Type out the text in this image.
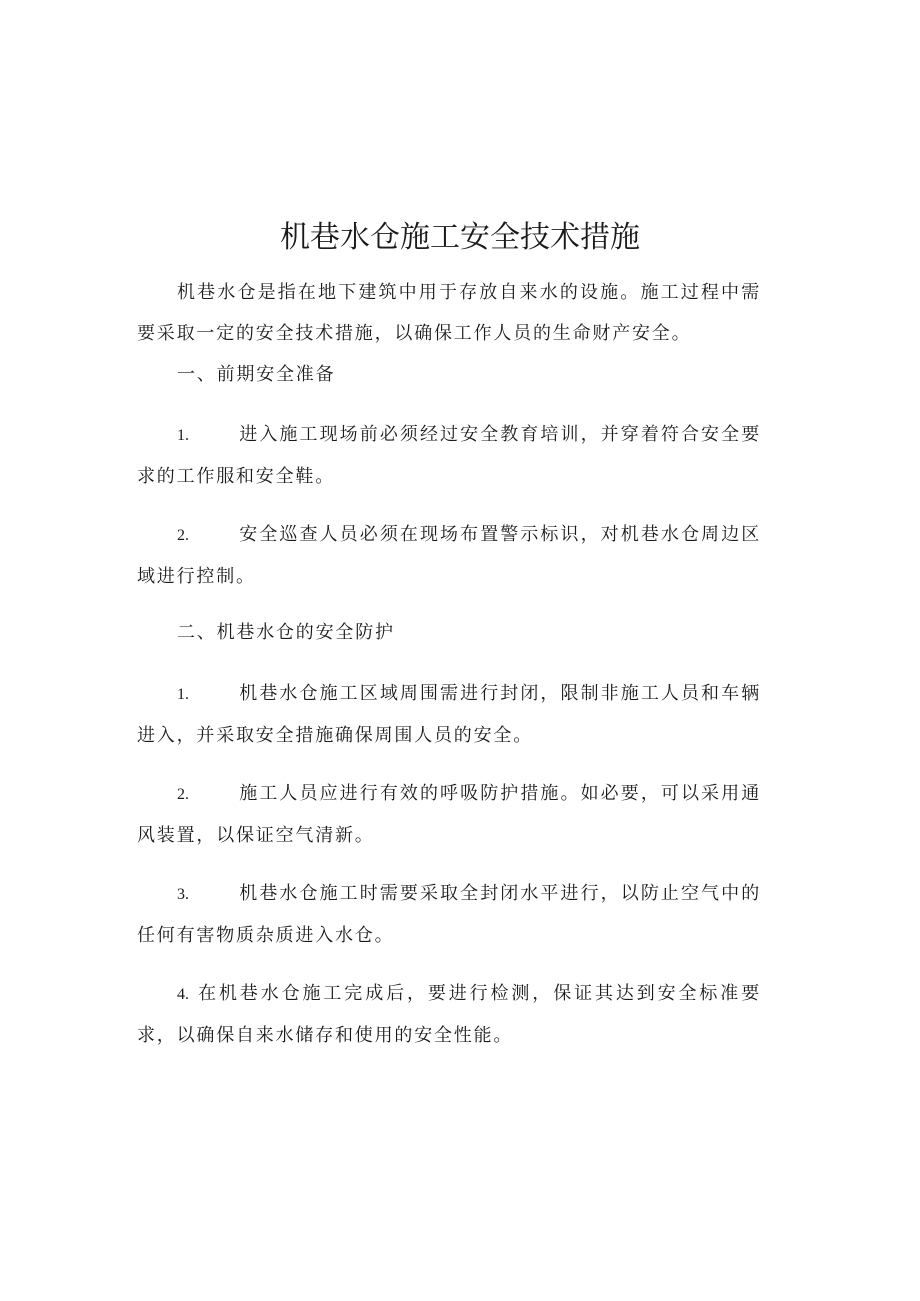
机巷水仓施工安全技术措施

机巷水仓是指在地下建筑中用于存放自来水的设施。施工过程中需要采取一定的安全技术措施，以确保工作人员的生命财产安全。

一、前期安全准备

1.	进入施工现场前必须经过安全教育培训，并穿着符合安全要求的工作服和安全鞋。

2.	安全巡查人员必须在现场布置警示标识，对机巷水仓周边区域进行控制。

二、机巷水仓的安全防护

1.	机巷水仓施工区域周围需进行封闭，限制非施工人员和车辆进入，并采取安全措施确保周围人员的安全。

2.	施工人员应进行有效的呼吸防护措施。如必要，可以采用通风装置，以保证空气清新。

3.	机巷水仓施工时需要采取全封闭水平进行，以防止空气中的任何有害物质杂质进入水仓。

4. 在机巷水仓施工完成后，要进行检测，保证其达到安全标准要求，以确保自来水储存和使用的安全性能。
